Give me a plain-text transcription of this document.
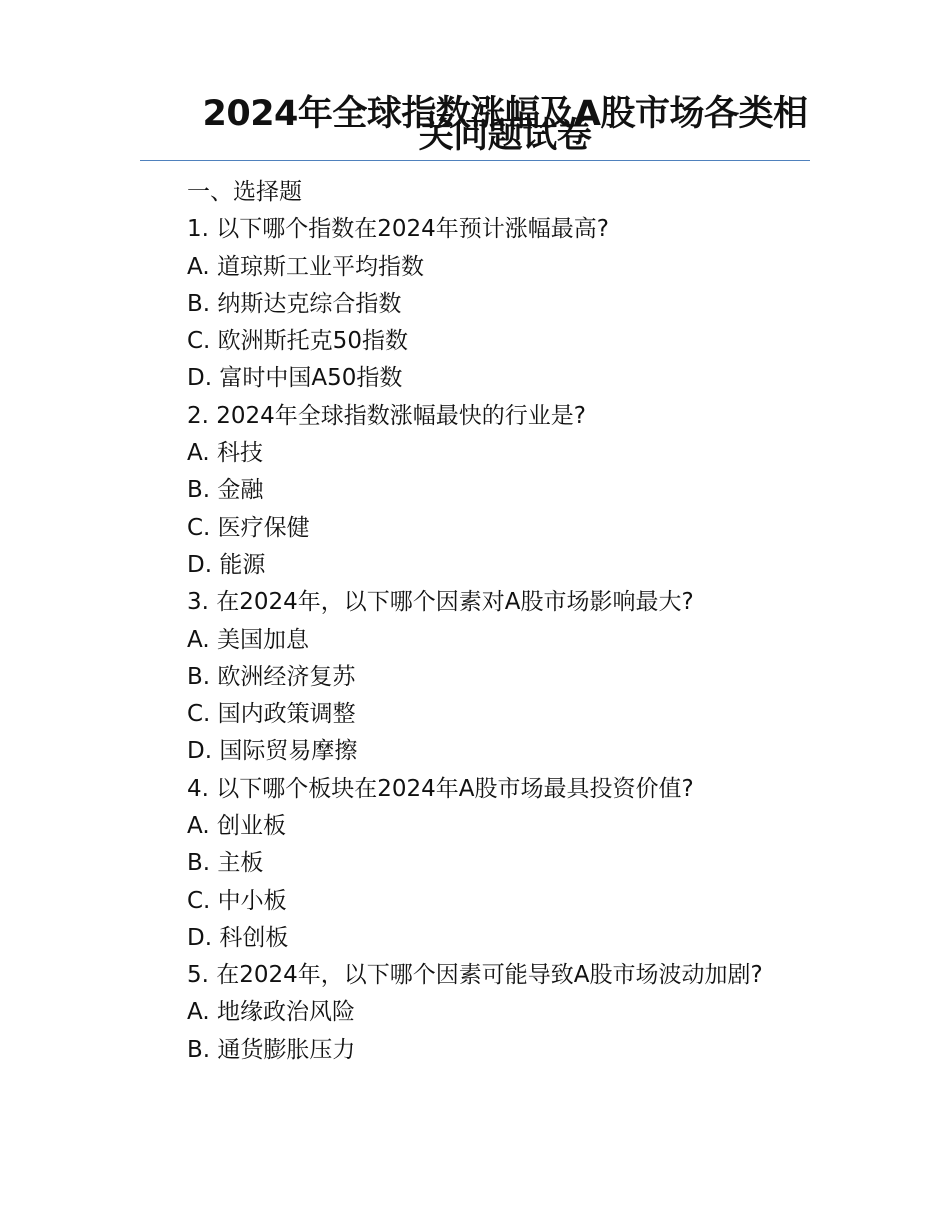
2024年全球指数涨幅及A股市场各类相关问题试卷
一、选择题
1. 以下哪个指数在2024年预计涨幅最高?
A. 道琼斯工业平均指数
B. 纳斯达克综合指数
C. 欧洲斯托克50指数
D. 富时中国A50指数
2. 2024年全球指数涨幅最快的行业是?
A. 科技
B. 金融
C. 医疗保健
D. 能源
3. 在2024年，以下哪个因素对A股市场影响最大?
A. 美国加息
B. 欧洲经济复苏
C. 国内政策调整
D. 国际贸易摩擦
4. 以下哪个板块在2024年A股市场最具投资价值?
A. 创业板
B. 主板
C. 中小板
D. 科创板
5. 在2024年，以下哪个因素可能导致A股市场波动加剧?
A. 地缘政治风险
B. 通货膨胀压力
